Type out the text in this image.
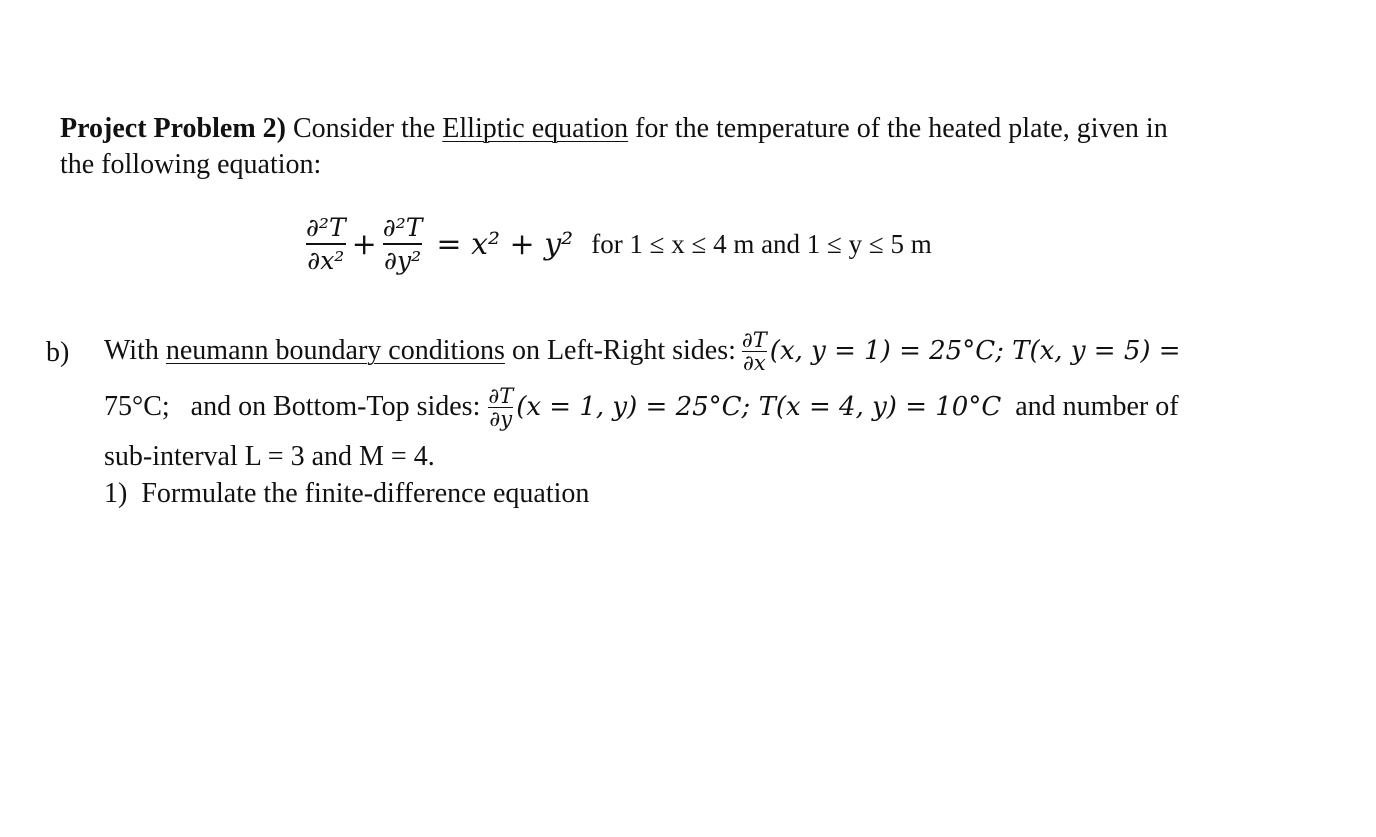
Project Problem 2) Consider the Elliptic equation for the temperature of the heated plate, given in
the following equation:
$\frac{\text{∂²T}}{\text{∂x²}} + \frac{\text{∂²T}}{\text{∂y²}} = x^2 + y^2$ for 1 ≤ x ≤ 4 m and 1 ≤ y ≤ 5 m
b) With neumann boundary conditions on Left-Right sides: $\frac{\partial T}{\partial x} (x$, y = 1) = 25°C; T(x, y = 5) =
75°C;   and on Bottom-Top sides: $\frac{\partial T}{\partial y} (x = 1$, y) = 25°C; T(x = 4, y) = 10°C and number of
sub-interval L = 3 and M = 4.
1)  Formulate the finite-difference equation
